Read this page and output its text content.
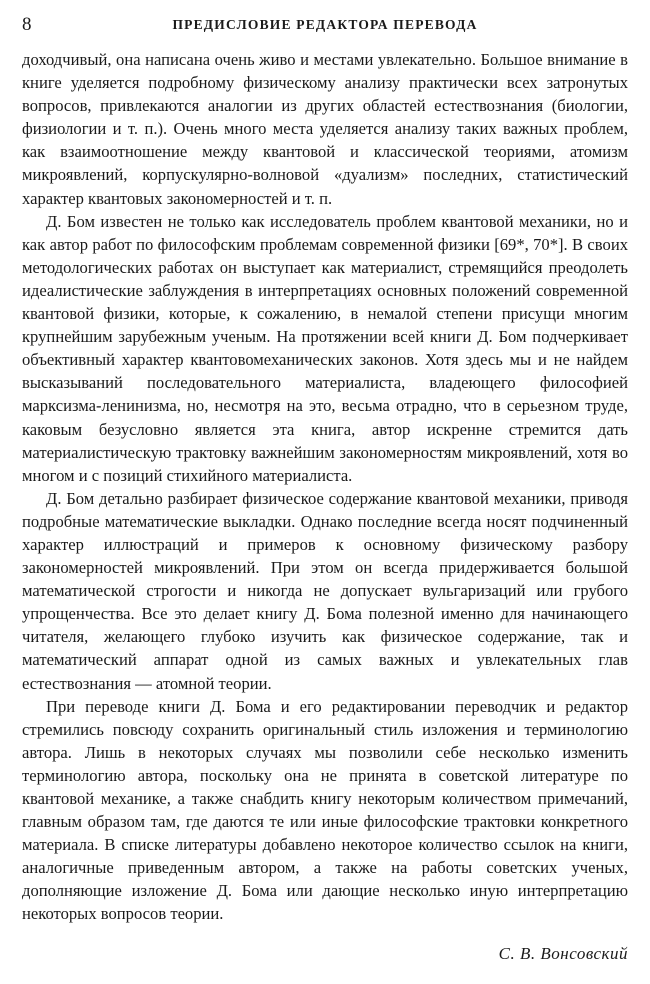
8	ПРЕДИСЛОВИЕ РЕДАКТОРА ПЕРЕВОДА

доходчивый, она написана очень живо и местами увлекательно. Большое внимание в книге уделяется подробному физическому анализу практически всех затронутых вопросов, привлекаются аналогии из других областей естествознания (биологии, физиологии и т. п.). Очень много места уделяется анализу таких важных проблем, как взаимоотношение между квантовой и классической теориями, атомизм микроявлений, корпускулярно-волновой «дуализм» последних, статистический характер квантовых закономерностей и т. п.

Д. Бом известен не только как исследователь проблем квантовой механики, но и как автор работ по философским проблемам современной физики [69*, 70*]. В своих методологических работах он выступает как материалист, стремящийся преодолеть идеалистические заблуждения в интерпретациях основных положений современной квантовой физики, которые, к сожалению, в немалой степени присущи многим крупнейшим зарубежным ученым. На протяжении всей книги Д. Бом подчеркивает объективный характер квантовомеханических законов. Хотя здесь мы и не найдем высказываний последовательного материалиста, владеющего философией марксизма-ленинизма, но, несмотря на это, весьма отрадно, что в серьезном труде, каковым безусловно является эта книга, автор искренне стремится дать материалистическую трактовку важнейшим закономерностям микроявлений, хотя во многом и с позиций стихийного материалиста.

Д. Бом детально разбирает физическое содержание квантовой механики, приводя подробные математические выкладки. Однако последние всегда носят подчиненный характер иллюстраций и примеров к основному физическому разбору закономерностей микроявлений. При этом он всегда придерживается большой математической строгости и никогда не допускает вульгаризаций или грубого упрощенчества. Все это делает книгу Д. Бома полезной именно для начинающего читателя, желающего глубоко изучить как физическое содержание, так и математический аппарат одной из самых важных и увлекательных глав естествознания — атомной теории.

При переводе книги Д. Бома и его редактировании переводчик и редактор стремились повсюду сохранить оригинальный стиль изложения и терминологию автора. Лишь в некоторых случаях мы позволили себе несколько изменить терминологию автора, поскольку она не принята в советской литературе по квантовой механике, а также снабдить книгу некоторым количеством примечаний, главным образом там, где даются те или иные философские трактовки конкретного материала. В списке литературы добавлено некоторое количество ссылок на книги, аналогичные приведенным автором, а также на работы советских ученых, дополняющие изложение Д. Бома или дающие несколько иную интерпретацию некоторых вопросов теории.

С. В. Вонсовский
